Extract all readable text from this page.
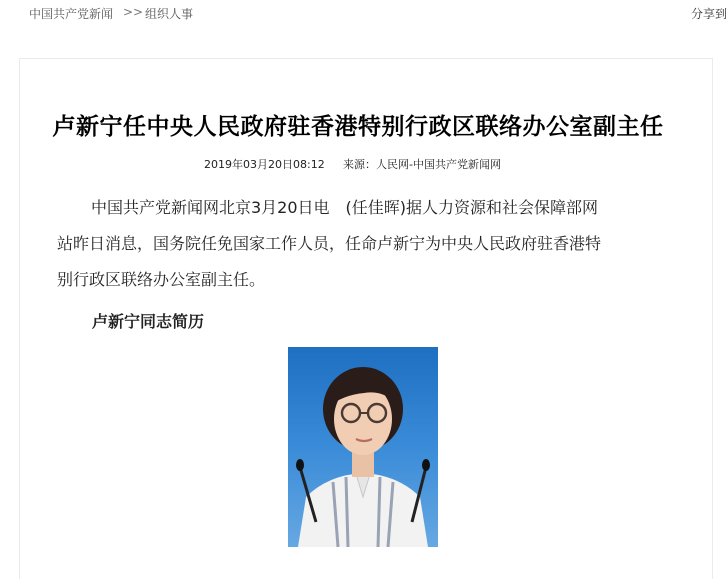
中国共产党新闻 >> 组织人事	分享到
卢新宁任中央人民政府驻香港特别行政区联络办公室副主任
2019年03月20日08:12 来源：人民网-中国共产党新闻网
中国共产党新闻网北京3月20日电　(任佳晖)据人力资源和社会保障部网
站昨日消息，国务院任免国家工作人员，任命卢新宁为中央人民政府驻香港特
别行政区联络办公室副主任。
卢新宁同志简历
